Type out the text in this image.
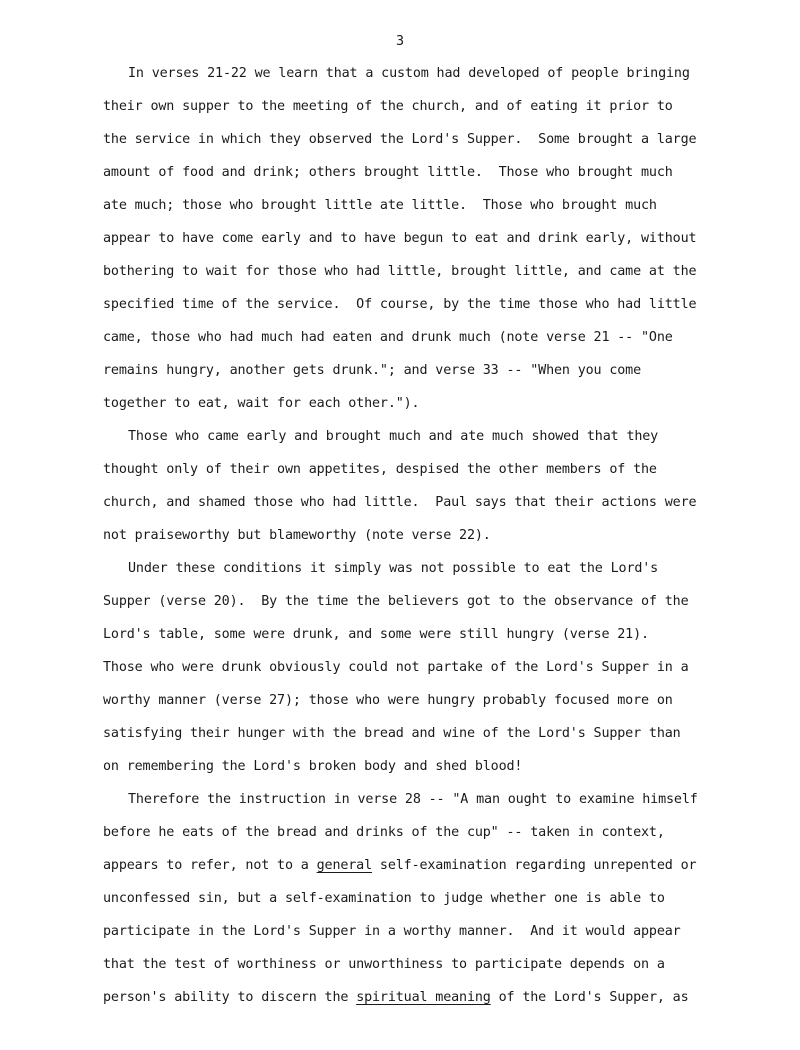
3
In verses 21-22 we learn that a custom had developed of people bringing
their own supper to the meeting of the church, and of eating it prior to
the service in which they observed the Lord's Supper.  Some brought a large
amount of food and drink; others brought little.  Those who brought much
ate much; those who brought little ate little.  Those who brought much
appear to have come early and to have begun to eat and drink early, without
bothering to wait for those who had little, brought little, and came at the
specified time of the service.  Of course, by the time those who had little
came, those who had much had eaten and drunk much (note verse 21 -- "One
remains hungry, another gets drunk."; and verse 33 -- "When you come
together to eat, wait for each other.").
Those who came early and brought much and ate much showed that they
thought only of their own appetites, despised the other members of the
church, and shamed those who had little.  Paul says that their actions were
not praiseworthy but blameworthy (note verse 22).
Under these conditions it simply was not possible to eat the Lord's
Supper (verse 20).  By the time the believers got to the observance of the
Lord's table, some were drunk, and some were still hungry (verse 21).
Those who were drunk obviously could not partake of the Lord's Supper in a
worthy manner (verse 27); those who were hungry probably focused more on
satisfying their hunger with the bread and wine of the Lord's Supper than
on remembering the Lord's broken body and shed blood!
Therefore the instruction in verse 28 -- "A man ought to examine himself
before he eats of the bread and drinks of the cup" -- taken in context,
appears to refer, not to a general self-examination regarding unrepented or
unconfessed sin, but a self-examination to judge whether one is able to
participate in the Lord's Supper in a worthy manner.  And it would appear
that the test of worthiness or unworthiness to participate depends on a
person's ability to discern the spiritual meaning of the Lord's Supper, as
